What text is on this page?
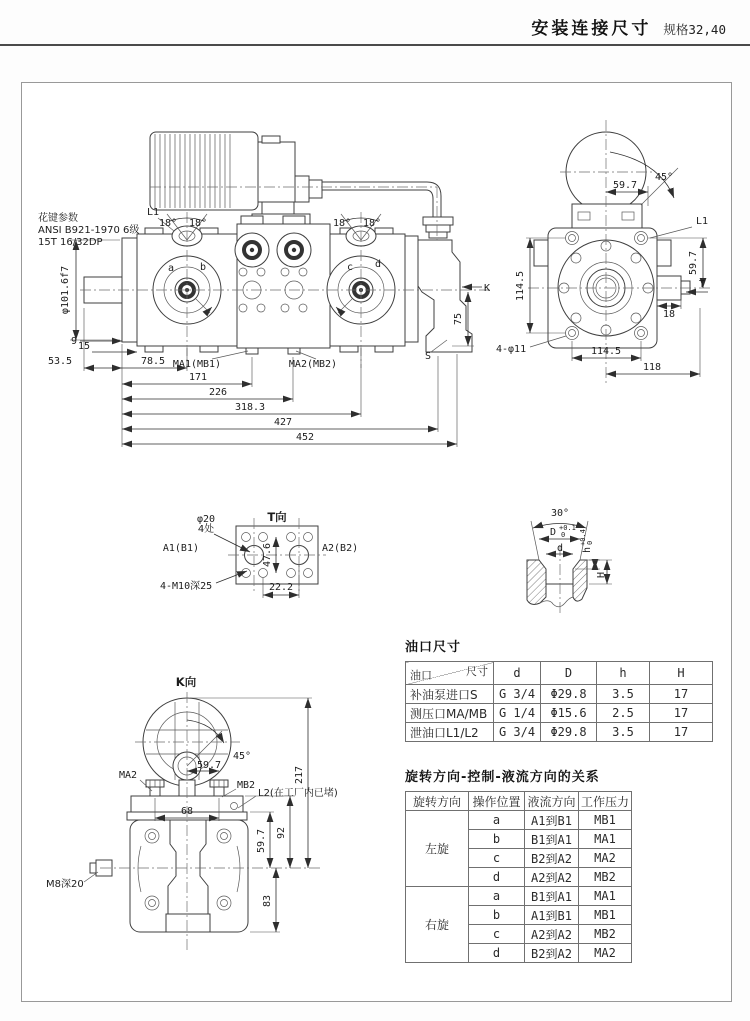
安装连接尺寸 规格32,40
花键参数
ANSI B921-1970 6级
15T 16/32DP
L1
18° 18°	18° 18°
a	b	c d
φ101.6f7
9 15
53.5	78.5
171
226
318.3
427
452
MA1(MB1)	MA2(MB2)
S
K
75
45°
59.7
L1
114.5
59.7
T
18
4-φ11	114.5
118
T向
φ20
4处
A1(B1)	A2(B2)
47.6
4-M10深25	22.2
30°
D +0.1
0
d h
+0.4 0
H
K向
45°
59.7
MA2
MB2
L2(在工厂内已堵)
68
217
92
59.7
83
M8深20
油口尺寸
尺寸
油口	d	D	h	H
补油泵进口S	G 3/4	Φ29.8	3.5	17
测压口MA/MB	G 1/4	Φ15.6	2.5	17
泄油口L1/L2	G 3/4	Φ29.8	3.5	17
旋转方向-控制-液流方向的关系
旋转方向	操作位置	液流方向	工作压力
左旋	a	A1到B1	MB1
	b	B1到A1	MA1
	c	B2到A2	MA2
	d	A2到A2	MB2
右旋	a	B1到A1	MA1
	b	A1到B1	MB1
	c	A2到A2	MB2
	d	B2到A2	MA2
